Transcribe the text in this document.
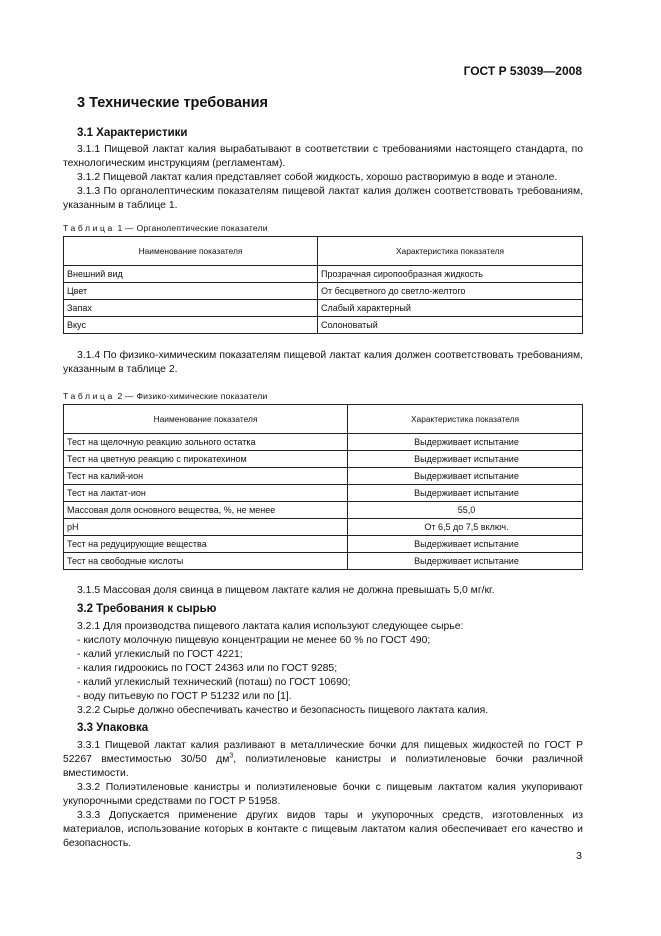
ГОСТ Р 53039—2008
3 Технические требования
3.1 Характеристики
3.1.1 Пищевой лактат калия вырабатывают в соответствии с требованиями настоящего стандарта, по технологическим инструкциям (регламентам).
3.1.2 Пищевой лактат калия представляет собой жидкость, хорошо растворимую в воде и этаноле.
3.1.3 По органолептическим показателям пищевой лактат калия должен соответствовать требованиям, указанным в таблице 1.
Таблица 1 — Органолептические показатели
Наименование показателя	Характеристика показателя
Внешний вид	Прозрачная сиропообразная жидкость
Цвет	От бесцветного до светло-желтого
Запах	Слабый характерный
Вкус	Солоноватый
3.1.4 По физико-химическим показателям пищевой лактат калия должен соответствовать требованиям, указанным в таблице 2.
Таблица 2 — Физико-химические показатели
Наименование показателя	Характеристика показателя
Тест на щелочную реакцию зольного остатка	Выдерживает испытание
Тест на цветную реакцию с пирокатехином	Выдерживает испытание
Тест на калий-ион	Выдерживает испытание
Тест на лактат-ион	Выдерживает испытание
Массовая доля основного вещества, %, не менее	55,0
pH	От 6,5 до 7,5 включ.
Тест на редуцирующие вещества	Выдерживает испытание
Тест на свободные кислоты	Выдерживает испытание
3.1.5 Массовая доля свинца в пищевом лактате калия не должна превышать 5,0 мг/кг.
3.2 Требования к сырью
3.2.1 Для производства пищевого лактата калия используют следующее сырье:
- кислоту молочную пищевую концентрации не менее 60 % по ГОСТ 490;
- калий углекислый по ГОСТ 4221;
- калия гидроокись по ГОСТ 24363 или по ГОСТ 9285;
- калий углекислый технический (поташ) по ГОСТ 10690;
- воду питьевую по ГОСТ Р 51232 или по [1].
3.2.2 Сырье должно обеспечивать качество и безопасность пищевого лактата калия.
3.3 Упаковка
3.3.1 Пищевой лактат калия разливают в металлические бочки для пищевых жидкостей по ГОСТ Р 52267 вместимостью 30/50 $дм^3$, полиэтиленовые канистры и полиэтиленовые бочки различной вместимости.
3.3.2 Полиэтиленовые канистры и полиэтиленовые бочки с пищевым лактатом калия укупоривают укупорочными средствами по ГОСТ Р 51958.
3.3.3 Допускается применение других видов тары и укупорочных средств, изготовленных из материалов, использование которых в контакте с пищевым лактатом калия обеспечивает его качество и безопасность.
3
